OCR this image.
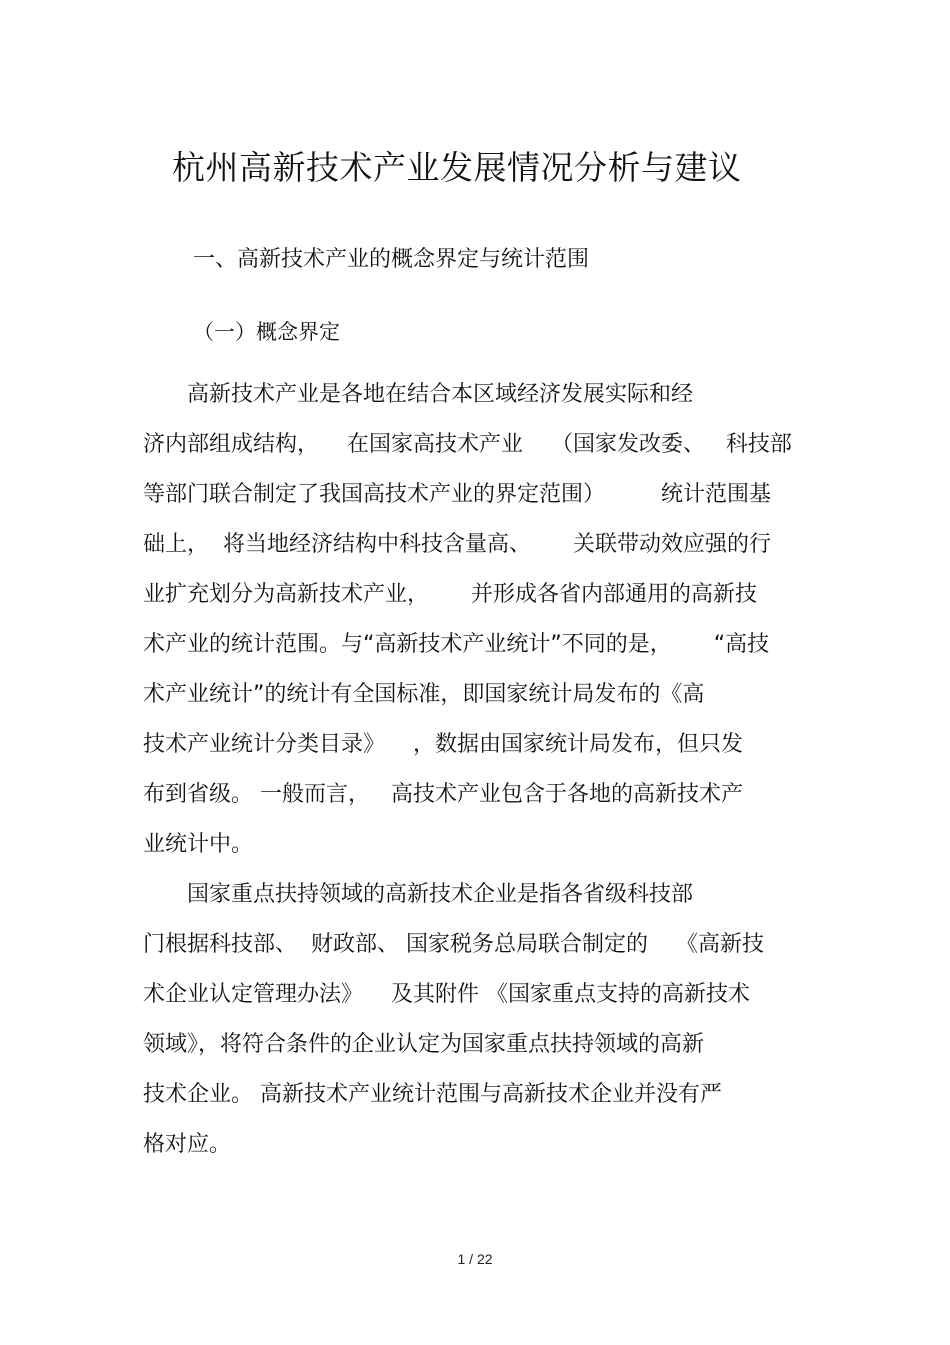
杭州高新技术产业发展情况分析与建议
一、高新技术产业的概念界定与统计范围
（一）概念界定
高新技术产业是各地在结合本区域经济发展实际和经
济内部组成结构，    在国家高技术产业    （国家发改委、   科技部
等部门联合制定了我国高技术产业的界定范围）        统计范围基
础上，  将当地经济结构中科技含量高、      关联带动效应强的行
业扩充划分为高新技术产业，      并形成各省内部通用的高新技
术产业的统计范围。与“高新技术产业统计”不同的是，      “高技
术产业统计”的统计有全国标准，即国家统计局发布的《高
技术产业统计分类目录》    ，数据由国家统计局发布，但只发
布到省级。 一般而言，   高技术产业包含于各地的高新技术产
业统计中。
国家重点扶持领域的高新技术企业是指各省级科技部
门根据科技部、  财政部、 国家税务总局联合制定的    《高新技
术企业认定管理办法》    及其附件 《国家重点支持的高新技术
领域》，将符合条件的企业认定为国家重点扶持领域的高新
技术企业。 高新技术产业统计范围与高新技术企业并没有严
格对应。
1 / 22
